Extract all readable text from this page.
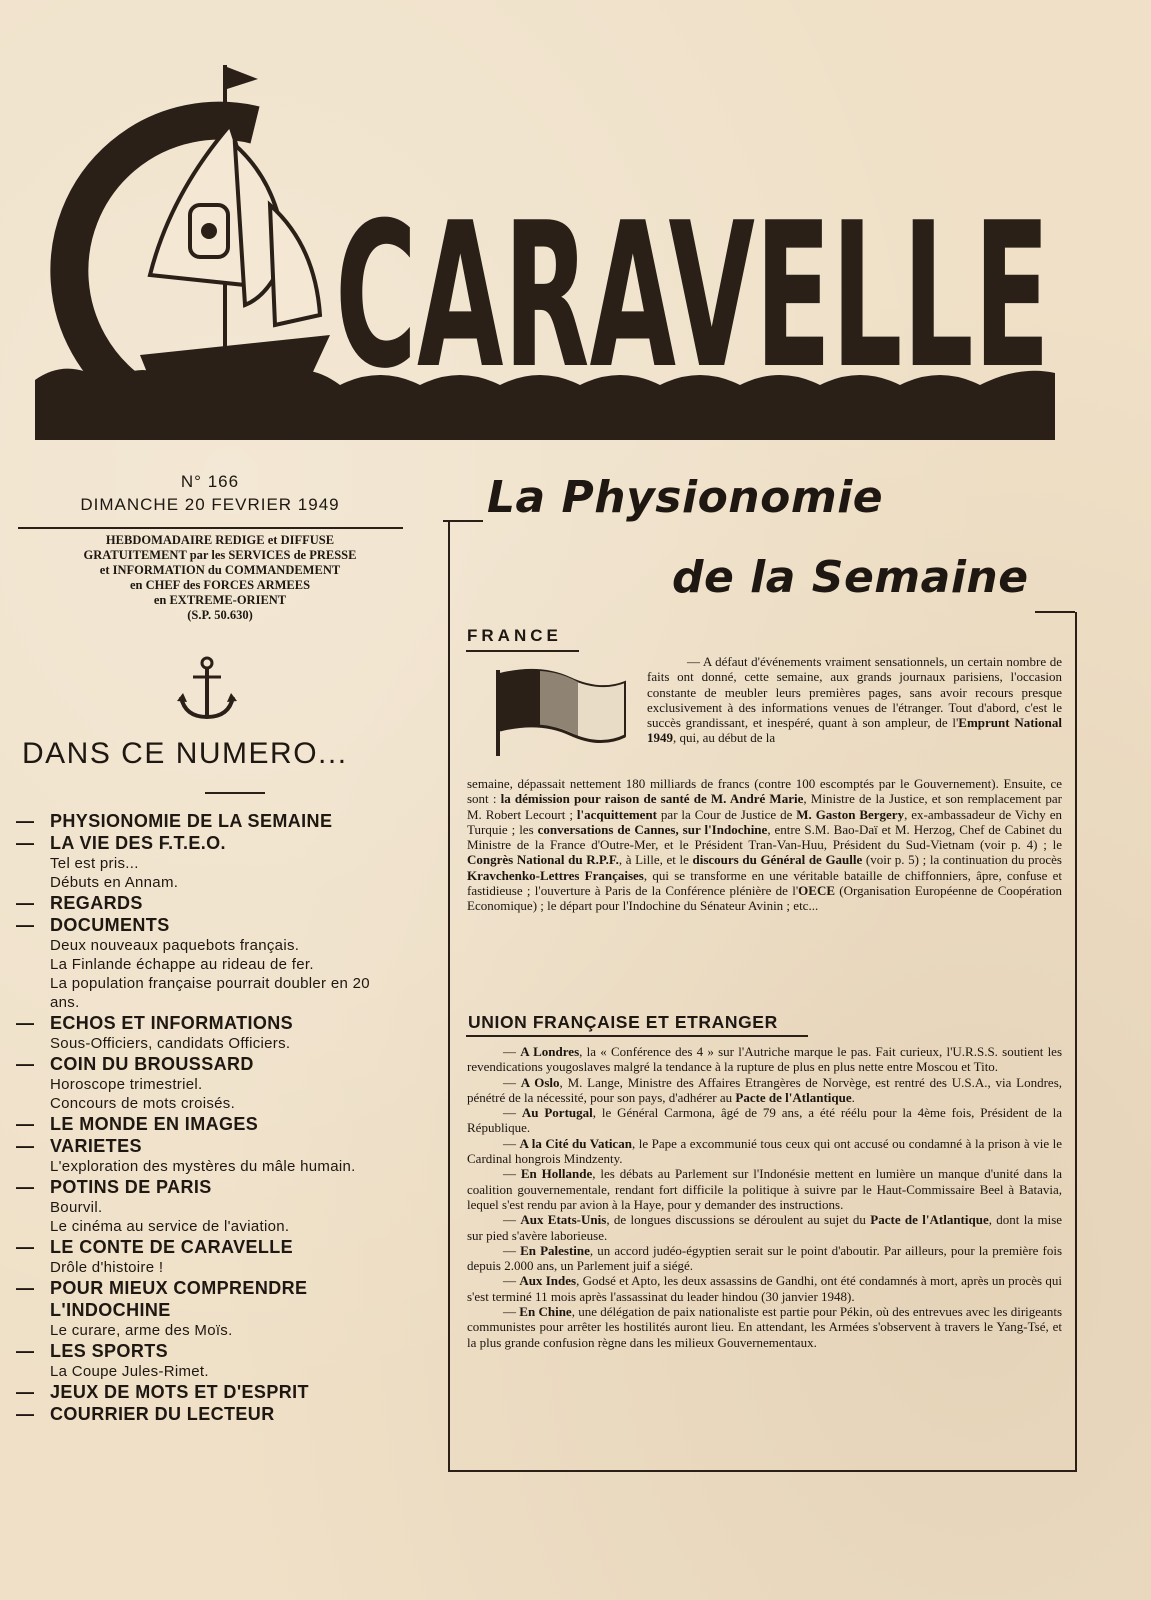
CARAVELLE
N° 166
DIMANCHE 20 FEVRIER 1949
HEBDOMADAIRE REDIGE et DIFFUSE
GRATUITEMENT par les SERVICES de PRESSE
et INFORMATION du COMMANDEMENT
en CHEF des FORCES ARMEES
en EXTREME-ORIENT
(S.P. 50.630)
DANS CE NUMERO...
— PHYSIONOMIE DE LA SEMAINE
— LA VIE DES F.T.E.O.
Tel est pris...
Débuts en Annam.
— REGARDS
— DOCUMENTS
Deux nouveaux paquebots français.
La Finlande échappe au rideau de fer.
La population française pourrait doubler en 20 ans.
— ECHOS ET INFORMATIONS
Sous-Officiers, candidats Officiers.
— COIN DU BROUSSARD
Horoscope trimestriel.
Concours de mots croisés.
— LE MONDE EN IMAGES
— VARIETES
L'exploration des mystères du mâle humain.
— POTINS DE PARIS
Bourvil.
Le cinéma au service de l'aviation.
— LE CONTE DE CARAVELLE
Drôle d'histoire !
— POUR MIEUX COMPRENDRE L'INDOCHINE
Le curare, arme des Moïs.
— LES SPORTS
La Coupe Jules-Rimet.
— JEUX DE MOTS ET D'ESPRIT
— COURRIER DU LECTEUR
La Physionomie
de la Semaine
FRANCE
— A défaut d'événements vraiment sensationnels, un certain nombre de faits ont donné, cette semaine, aux grands journaux parisiens, l'occasion constante de meubler leurs premières pages, sans avoir recours presque exclusivement à des informations venues de l'étranger. Tout d'abord, c'est le succès grandissant, et inespéré, quant à son ampleur, de l'Emprunt National 1949, qui, au début de la
semaine, dépassait nettement 180 milliards de francs (contre 100 escomptés par le Gouvernement). Ensuite, ce sont : la démission pour raison de santé de M. André Marie, Ministre de la Justice, et son remplacement par M. Robert Lecourt ; l'acquittement par la Cour de Justice de M. Gaston Bergery, ex-ambassadeur de Vichy en Turquie ; les conversations de Cannes, sur l'Indochine, entre S.M. Bao-Daï et M. Herzog, Chef de Cabinet du Ministre de la France d'Outre-Mer, et le Président Tran-Van-Huu, Président du Sud-Vietnam (voir p. 4) ; le Congrès National du R.P.F., à Lille, et le discours du Général de Gaulle (voir p. 5) ; la continuation du procès Kravchenko-Lettres Françaises, qui se transforme en une véritable bataille de chiffonniers, âpre, confuse et fastidieuse ; l'ouverture à Paris de la Conférence plénière de l'OECE (Organisation Européenne de Coopération Economique) ; le départ pour l'Indochine du Sénateur Avinin ; etc...
UNION FRANÇAISE ET ETRANGER

— A Londres, la « Conférence des 4 » sur l'Autriche marque le pas. Fait curieux, l'U.R.S.S. soutient les revendications yougoslaves malgré la tendance à la rupture de plus en plus nette entre Moscou et Tito.

— A Oslo, M. Lange, Ministre des Affaires Etrangères de Norvège, est rentré des U.S.A., via Londres, pénétré de la nécessité, pour son pays, d'adhérer au Pacte de l'Atlantique.

— Au Portugal, le Général Carmona, âgé de 79 ans, a été réélu pour la 4ème fois, Président de la République.

— A la Cité du Vatican, le Pape a excommunié tous ceux qui ont accusé ou condamné à la prison à vie le Cardinal hongrois Mindzenty.

— En Hollande, les débats au Parlement sur l'Indonésie mettent en lumière un manque d'unité dans la coalition gouvernementale, rendant fort difficile la politique à suivre par le Haut-Commissaire Beel à Batavia, lequel s'est rendu par avion à la Haye, pour y demander des instructions.

— Aux Etats-Unis, de longues discussions se déroulent au sujet du Pacte de l'Atlantique, dont la mise sur pied s'avère laborieuse.

— En Palestine, un accord judéo-égyptien serait sur le point d'aboutir. Par ailleurs, pour la première fois depuis 2.000 ans, un Parlement juif a siégé.

— Aux Indes, Godsé et Apto, les deux assassins de Gandhi, ont été condamnés à mort, après un procès qui s'est terminé 11 mois après l'assassinat du leader hindou (30 janvier 1948).

— En Chine, une délégation de paix nationaliste est partie pour Pékin, où des entrevues avec les dirigeants communistes pour arrêter les hostilités auront lieu. En attendant, les Armées s'observent à travers le Yang-Tsé, et la plus grande confusion règne dans les milieux Gouvernementaux.
